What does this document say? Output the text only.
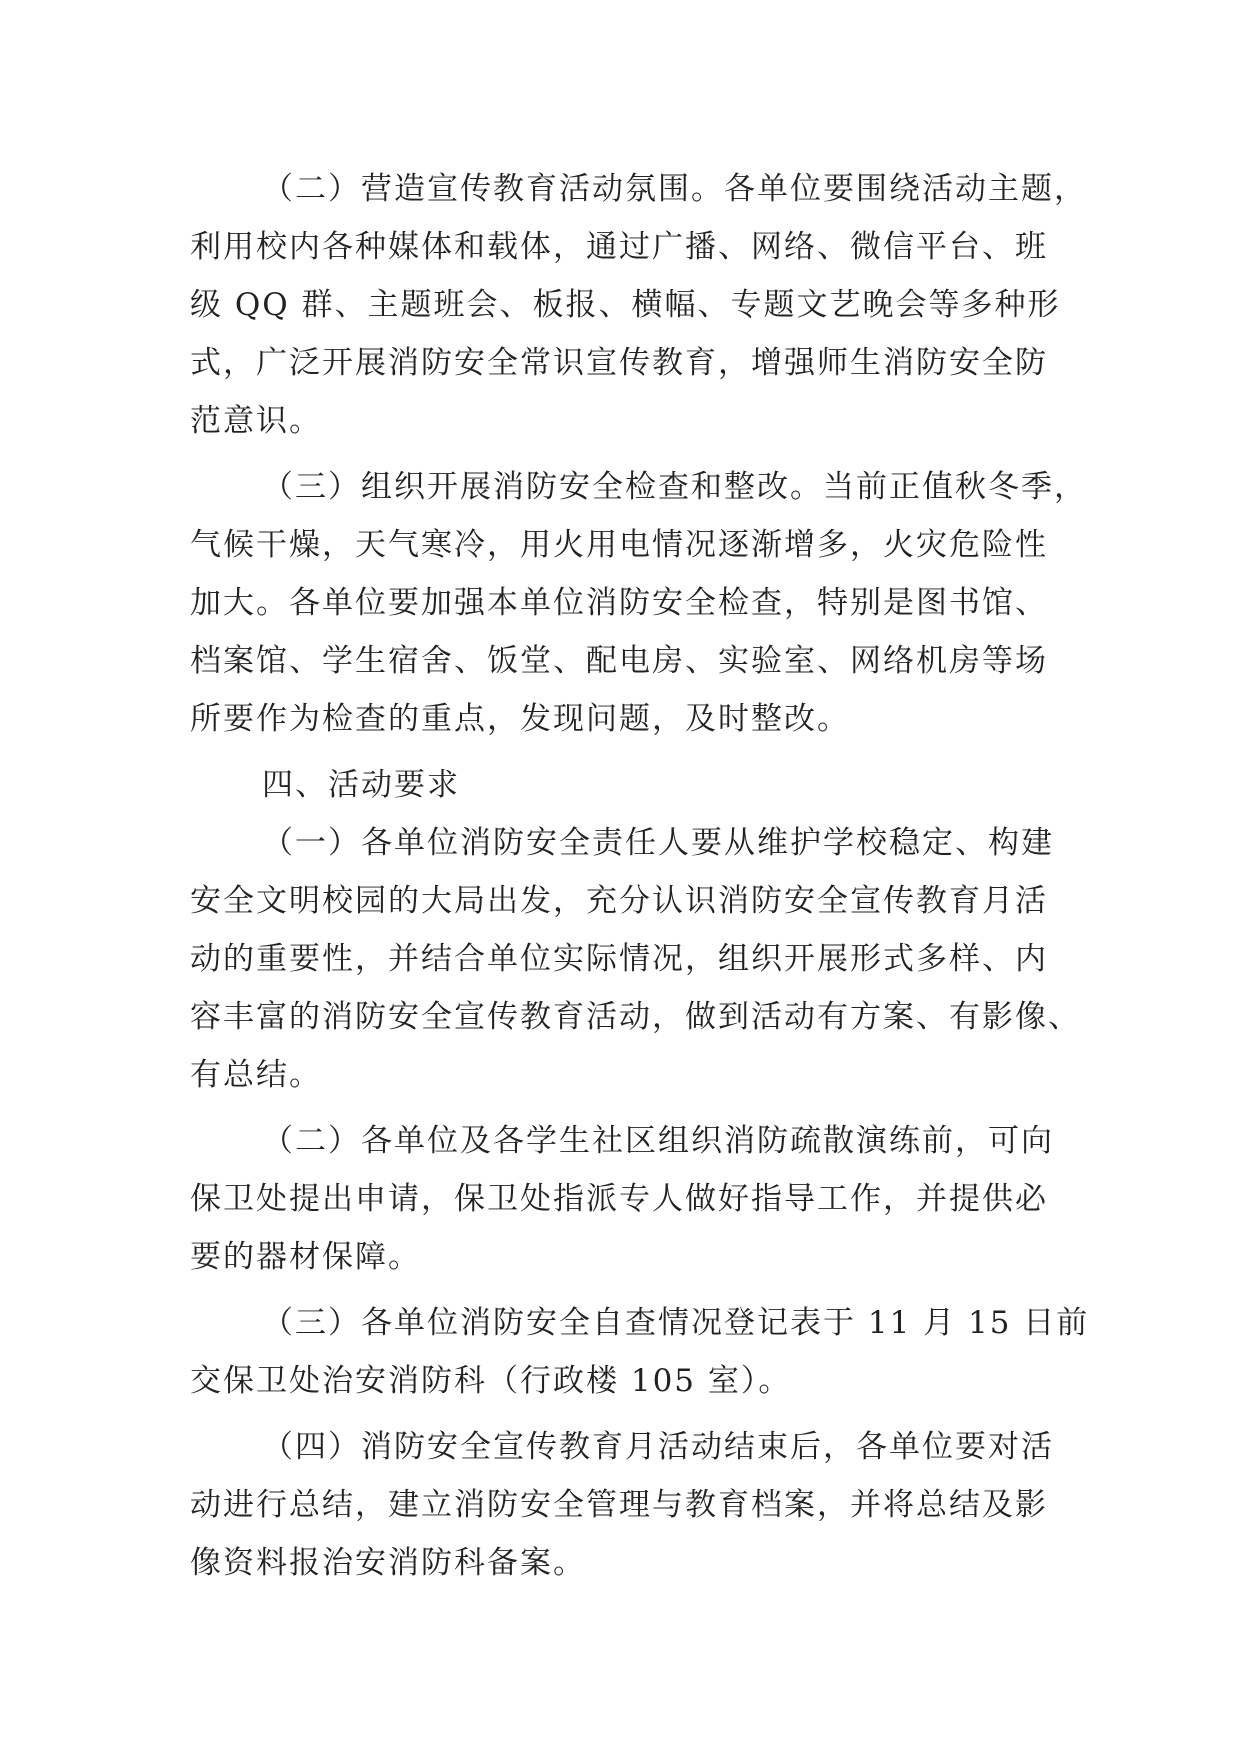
（二）营造宣传教育活动氛围。各单位要围绕活动主题，
利用校内各种媒体和载体，通过广播、网络、微信平台、班
级 QQ 群、主题班会、板报、横幅、专题文艺晚会等多种形
式，广泛开展消防安全常识宣传教育，增强师生消防安全防
范意识。
（三）组织开展消防安全检查和整改。当前正值秋冬季，
气候干燥，天气寒冷，用火用电情况逐渐增多，火灾危险性
加大。各单位要加强本单位消防安全检查，特别是图书馆、
档案馆、学生宿舍、饭堂、配电房、实验室、网络机房等场
所要作为检查的重点，发现问题，及时整改。
四、活动要求
（一）各单位消防安全责任人要从维护学校稳定、构建
安全文明校园的大局出发，充分认识消防安全宣传教育月活
动的重要性，并结合单位实际情况，组织开展形式多样、内
容丰富的消防安全宣传教育活动，做到活动有方案、有影像、
有总结。
（二）各单位及各学生社区组织消防疏散演练前，可向
保卫处提出申请，保卫处指派专人做好指导工作，并提供必
要的器材保障。
（三）各单位消防安全自查情况登记表于 11 月 15 日前
交保卫处治安消防科（行政楼 105 室）。
（四）消防安全宣传教育月活动结束后，各单位要对活
动进行总结，建立消防安全管理与教育档案，并将总结及影
像资料报治安消防科备案。
